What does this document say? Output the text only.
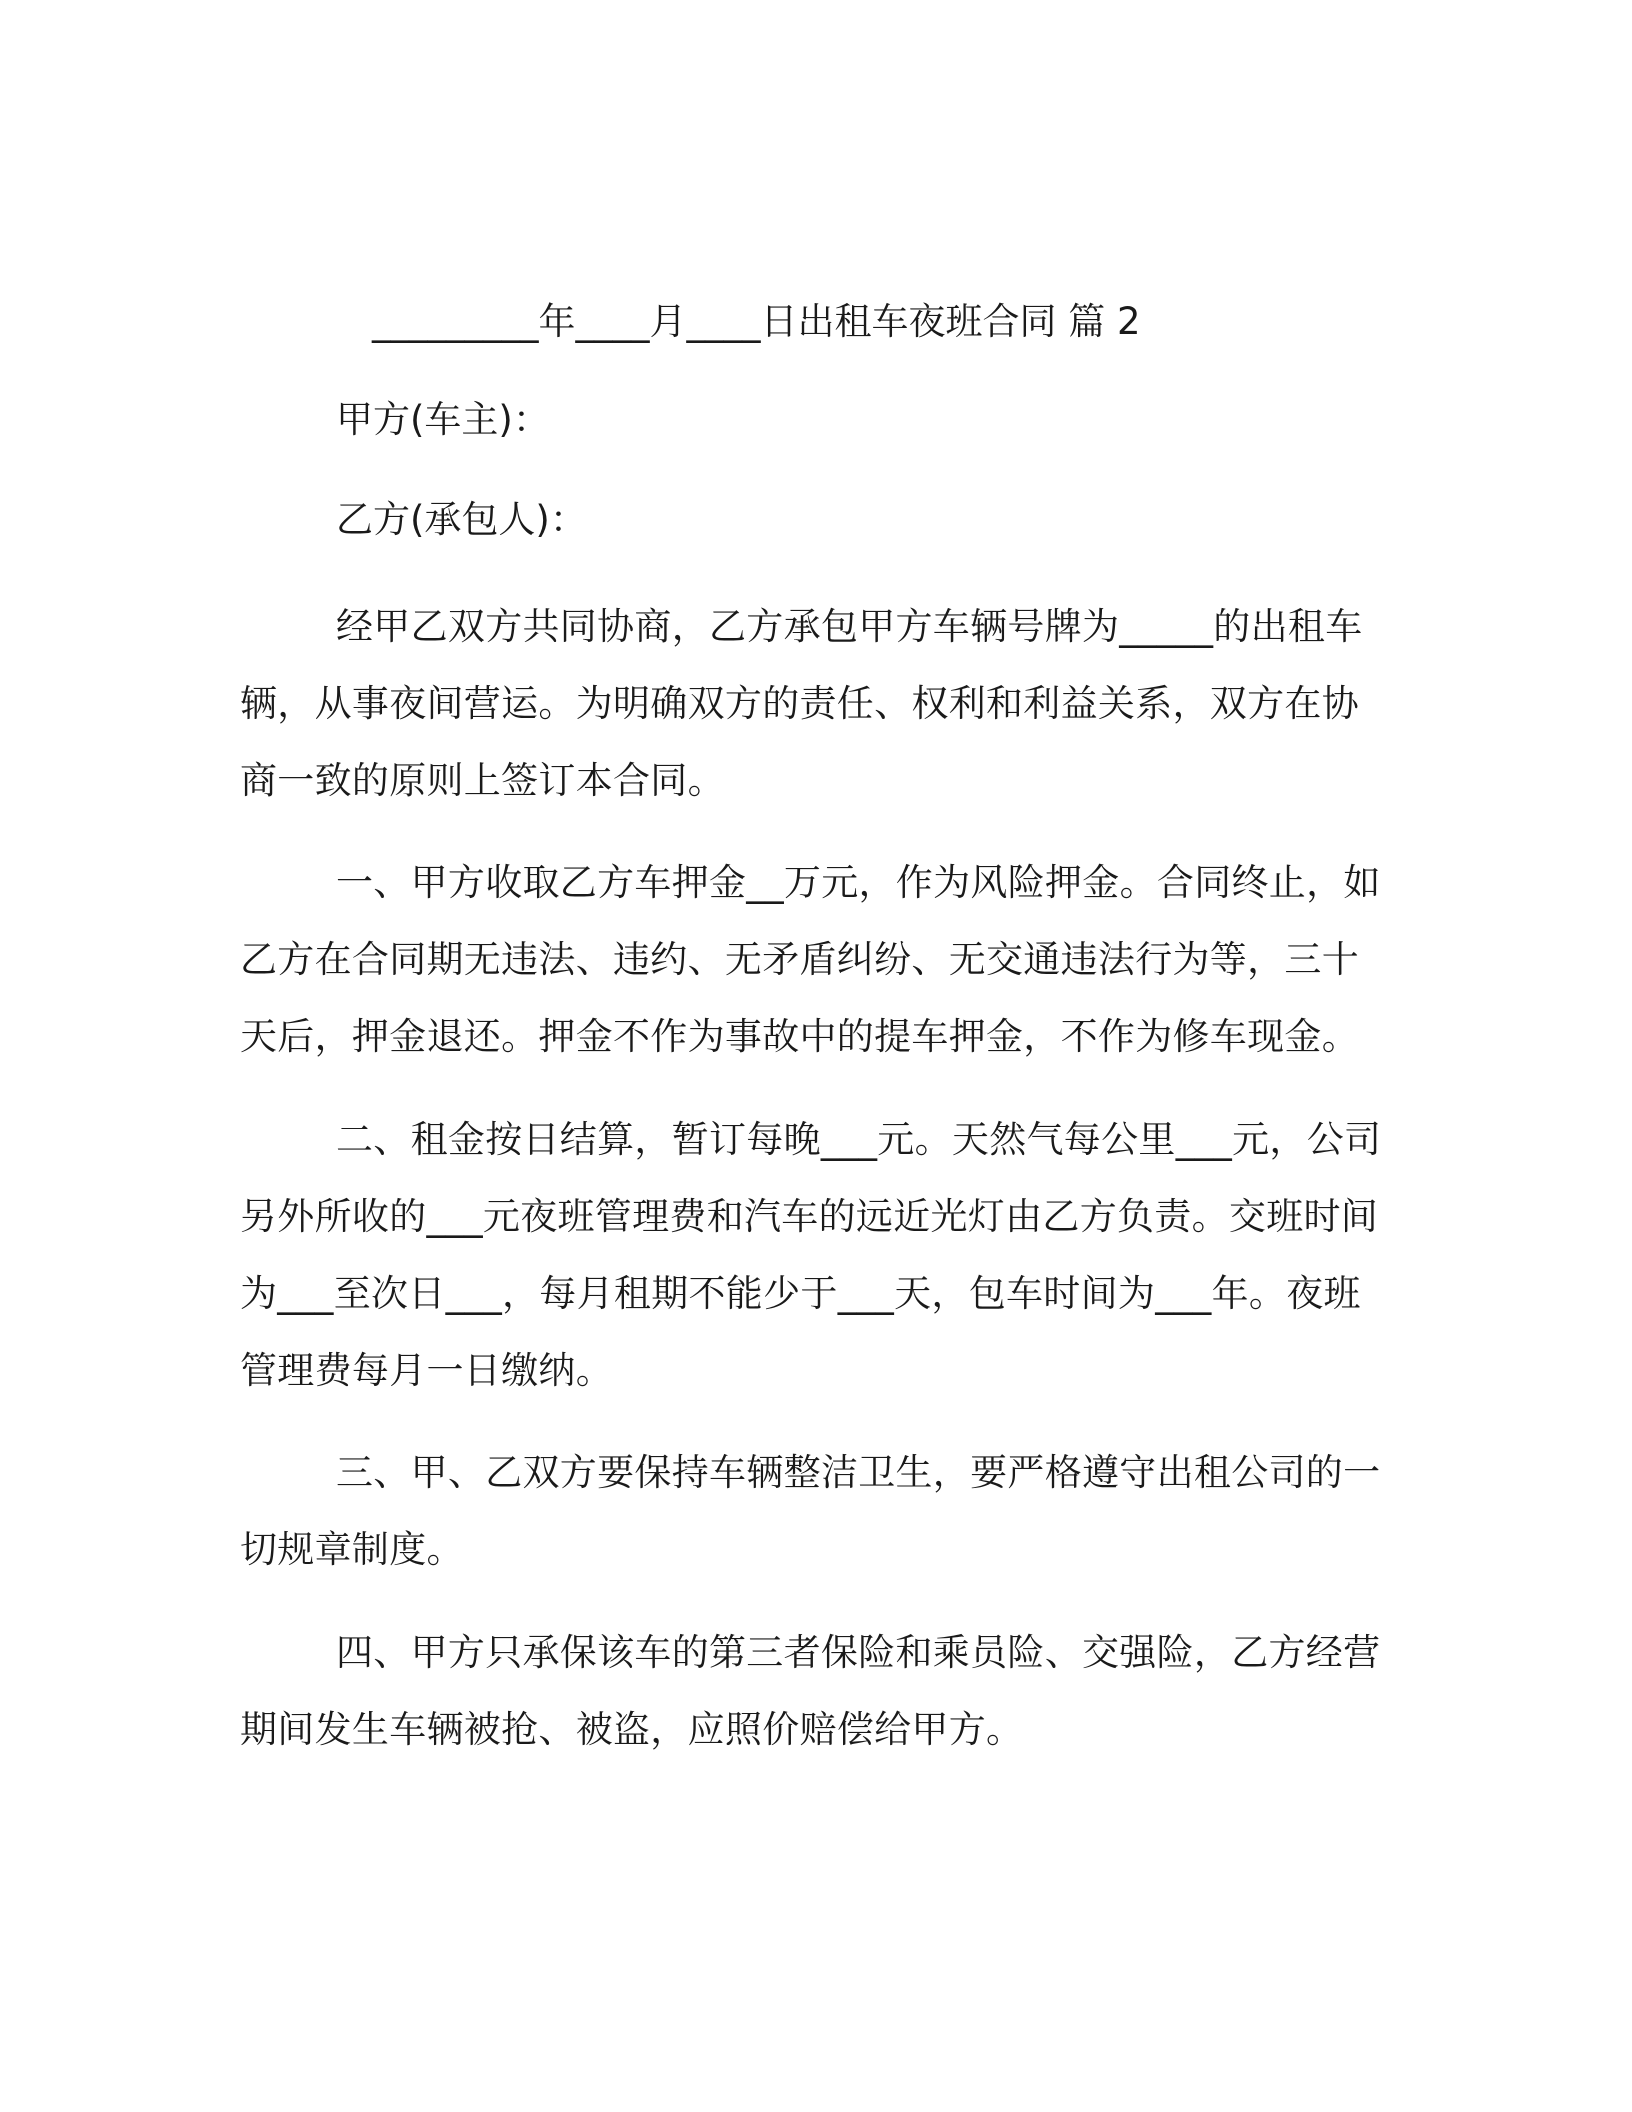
_________年____月____日出租车夜班合同 篇 2

甲方(车主)：

乙方(承包人)：

经甲乙双方共同协商，乙方承包甲方车辆号牌为_____的出租车辆，从事夜间营运。为明确双方的责任、权利和利益关系，双方在协商一致的原则上签订本合同。

一、甲方收取乙方车押金__万元，作为风险押金。合同终止，如乙方在合同期无违法、违约、无矛盾纠纷、无交通违法行为等，三十天后，押金退还。押金不作为事故中的提车押金，不作为修车现金。

二、租金按日结算，暂订每晚___元。天然气每公里___元，公司另外所收的___元夜班管理费和汽车的远近光灯由乙方负责。交班时间为___至次日___，每月租期不能少于___天，包车时间为___年。夜班管理费每月一日缴纳。

三、甲、乙双方要保持车辆整洁卫生，要严格遵守出租公司的一切规章制度。

四、甲方只承保该车的第三者保险和乘员险、交强险，乙方经营期间发生车辆被抢、被盗，应照价赔偿给甲方。
